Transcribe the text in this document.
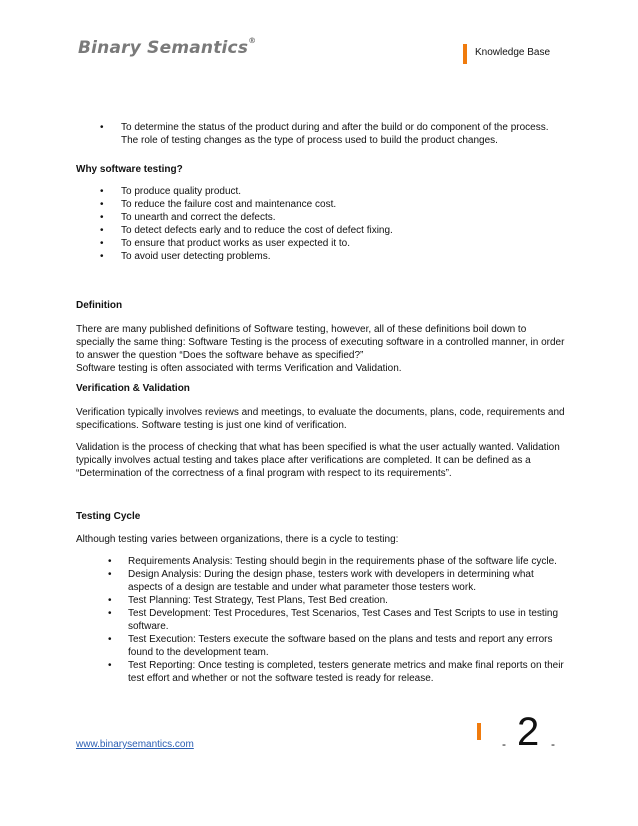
Binary Semantics®
Knowledge Base
• To determine the status of the product during and after the build or do component of the process. The role of testing changes as the type of process used to build the product changes.

Why software testing?

• To produce quality product.
• To reduce the failure cost and maintenance cost.
• To unearth and correct the defects.
• To detect defects early and to reduce the cost of defect fixing.
• To ensure that product works as user expected it to.
• To avoid user detecting problems.

Definition

There are many published definitions of Software testing, however, all of these definitions boil down to specially the same thing: Software Testing is the process of executing software in a controlled manner, in order to answer the question “Does the software behave as specified?”

Software testing is often associated with terms Verification and Validation.

Verification & Validation

Verification typically involves reviews and meetings, to evaluate the documents, plans, code, requirements and specifications. Software testing is just one kind of verification.

Validation is the process of checking that what has been specified is what the user actually wanted. Validation typically involves actual testing and takes place after verifications are completed. It can be defined as a “Determination of the correctness of a final program with respect to its requirements”.

Testing Cycle

Although testing varies between organizations, there is a cycle to testing:

• Requirements Analysis: Testing should begin in the requirements phase of the software life cycle.
• Design Analysis: During the design phase, testers work with developers in determining what aspects of a design are testable and under what parameter those testers work.
• Test Planning: Test Strategy, Test Plans, Test Bed creation.
• Test Development: Test Procedures, Test Scenarios, Test Cases and Test Scripts to use in testing software.
• Test Execution: Testers execute the software based on the plans and tests and report any errors found to the development team.
• Test Reporting: Once testing is completed, testers generate metrics and make final reports on their test effort and whether or not the software tested is ready for release.
www.binarysemantics.com	- 2 -
